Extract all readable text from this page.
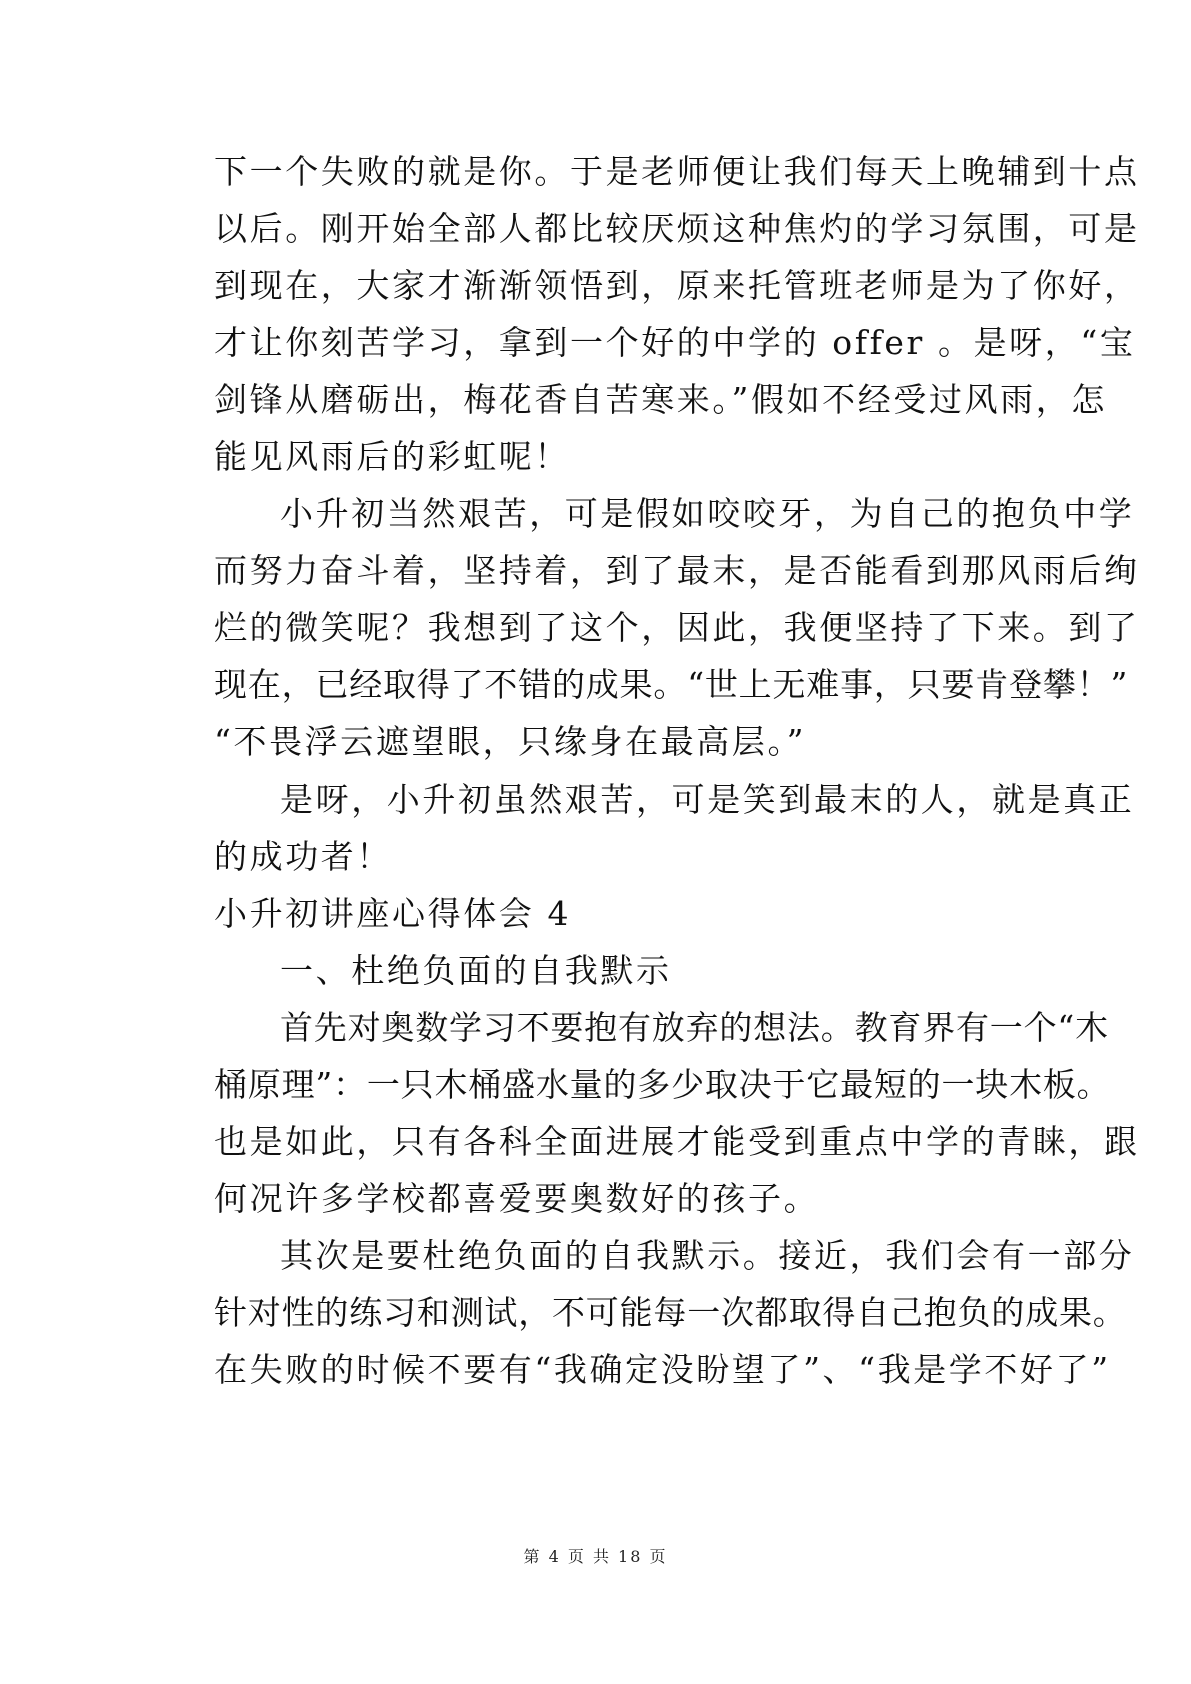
下一个失败的就是你。于是老师便让我们每天上晚辅到十点
以后。刚开始全部人都比较厌烦这种焦灼的学习氛围，可是
到现在，大家才渐渐领悟到，原来托管班老师是为了你好，
才让你刻苦学习，拿到一个好的中学的 offer 。是呀，“宝
剑锋从磨砺出，梅花香自苦寒来。”假如不经受过风雨，怎
能见风雨后的彩虹呢！
小升初当然艰苦，可是假如咬咬牙，为自己的抱负中学
而努力奋斗着，坚持着，到了最末，是否能看到那风雨后绚
烂的微笑呢？我想到了这个，因此，我便坚持了下来。到了
现在，已经取得了不错的成果。“世上无难事，只要肯登攀！”
“不畏浮云遮望眼，只缘身在最高层。”
是呀，小升初虽然艰苦，可是笑到最末的人，就是真正
的成功者！
小升初讲座心得体会 4
一、杜绝负面的自我默示
首先对奥数学习不要抱有放弃的想法。教育界有一个“木
桶原理”：一只木桶盛水量的多少取决于它最短的一块木板。
也是如此，只有各科全面进展才能受到重点中学的青睐，跟
何况许多学校都喜爱要奥数好的孩子。
其次是要杜绝负面的自我默示。接近，我们会有一部分
针对性的练习和测试，不可能每一次都取得自己抱负的成果。
在失败的时候不要有“我确定没盼望了”、“我是学不好了”
第 4 页 共 18 页
